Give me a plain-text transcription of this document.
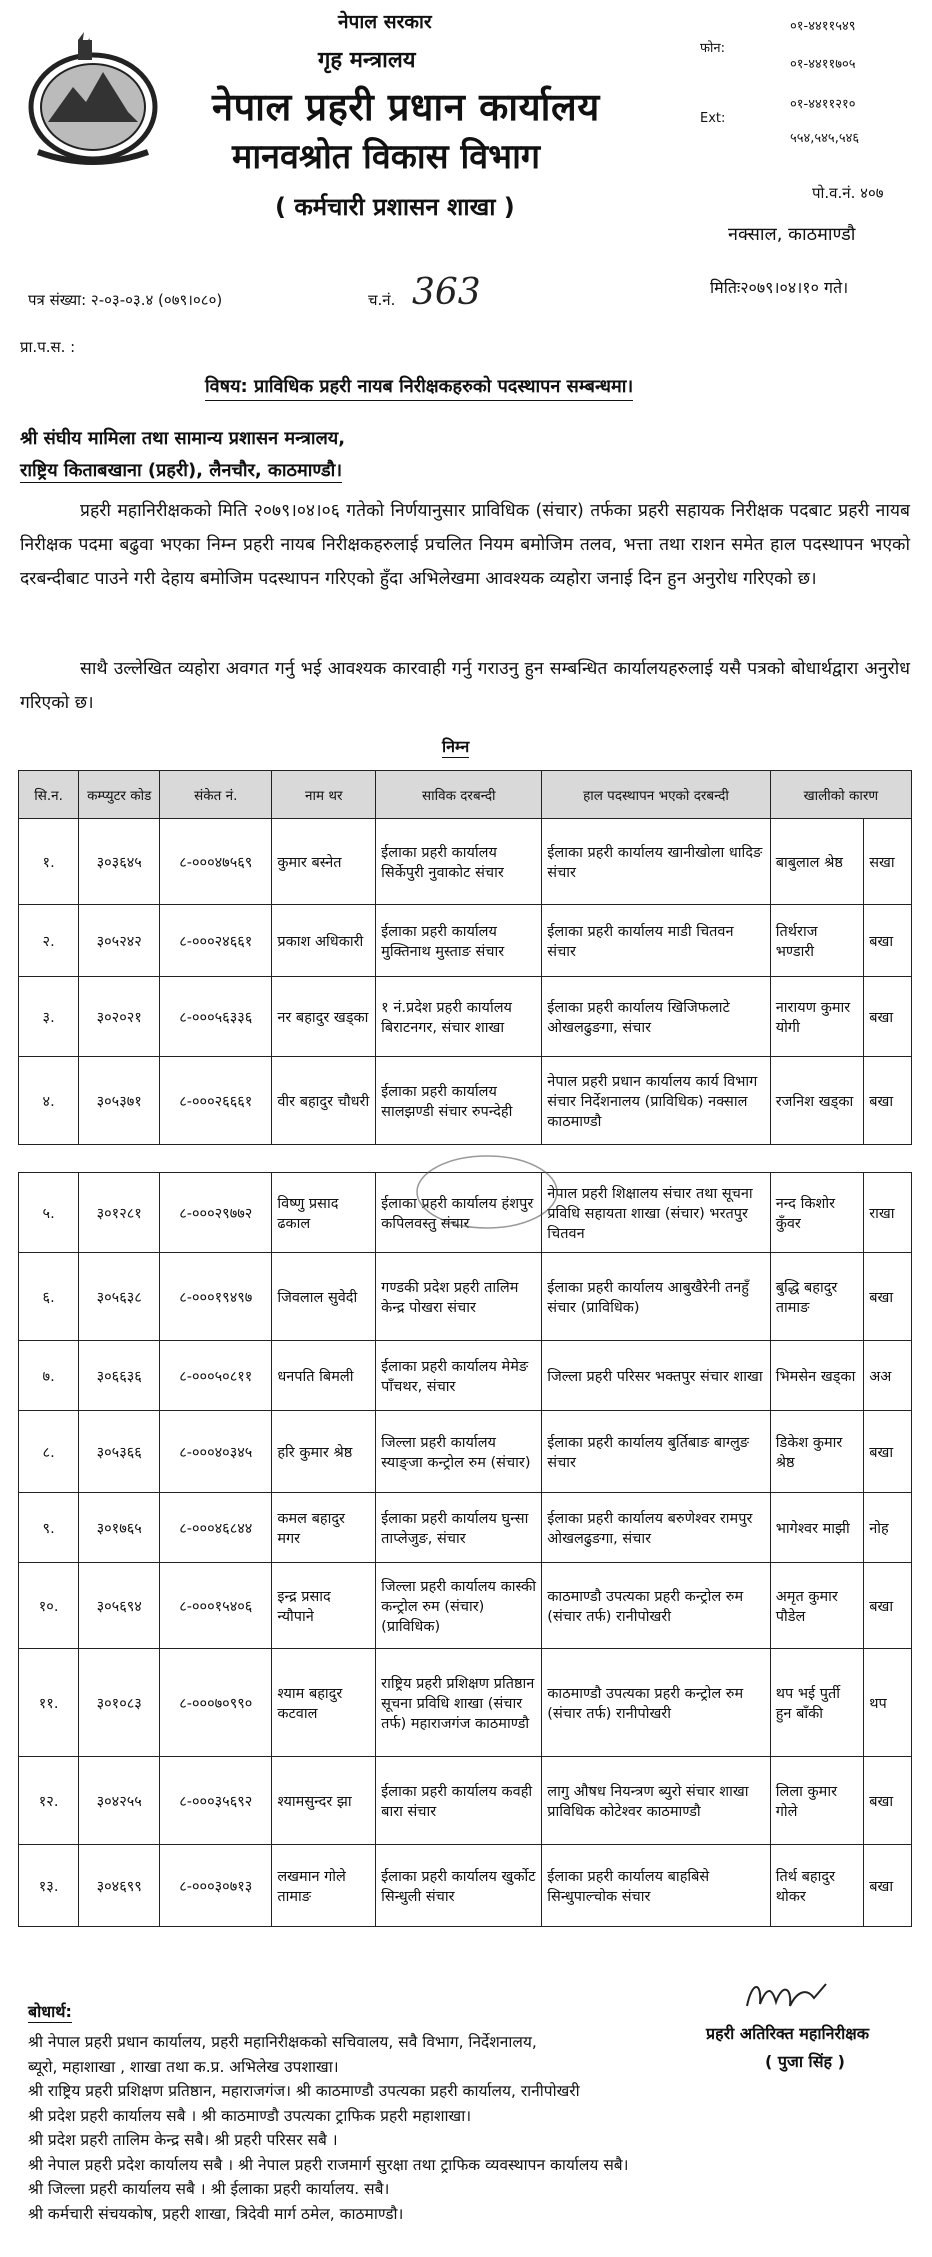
नेपाल सरकार
गृह मन्त्रालय
नेपाल प्रहरी प्रधान कार्यालय
मानवश्रोत विकास विभाग
( कर्मचारी प्रशासन शाखा )
फोन:
०१-४४११५४९
०१-४४११७०५
०१-४४११२१०
Ext:
५५४,५४५,५४६
पो.व.नं. ४०७
नक्साल, काठमाण्डौ
मितिः२०७९।०४।१० गते।
पत्र संख्या: २-०३-०३.४ (०७९।०८०)	च.नं. 363
प्रा.प.स. :
विषय: प्राविधिक प्रहरी नायब निरीक्षकहरुको पदस्थापन सम्बन्धमा।
श्री संघीय मामिला तथा सामान्य प्रशासन मन्त्रालय,
राष्ट्रिय किताबखाना (प्रहरी), लैनचौर, काठमाण्डौ।
प्रहरी महानिरीक्षकको मिति २०७९।०४।०६ गतेको निर्णयानुसार प्राविधिक (संचार) तर्फका प्रहरी सहायक निरीक्षक पदबाट प्रहरी नायब निरीक्षक पदमा बढुवा भएका निम्न प्रहरी नायब निरीक्षकहरुलाई प्रचलित नियम बमोजिम तलव, भत्ता तथा राशन समेत हाल पदस्थापन भएको दरबन्दीबाट पाउने गरी देहाय बमोजिम पदस्थापन गरिएको हुँदा अभिलेखमा आवश्यक व्यहोरा जनाई दिन हुन अनुरोध गरिएको छ।
साथै उल्लेखित व्यहोरा अवगत गर्नु भई आवश्यक कारवाही गर्नु गराउनु हुन सम्बन्धित कार्यालयहरुलाई यसै पत्रको बोधार्थद्वारा अनुरोध गरिएको छ।
निम्न
सि.न.	कम्प्युटर कोड	संकेत नं.	नाम थर	साविक दरबन्दी	हाल पदस्थापन भएको दरबन्दी	खालीको कारण	
१.	३०३६४५	८-०००४७५६९	कुमार बस्नेत	ईलाका प्रहरी कार्यालय सिर्केपुरी नुवाकोट संचार	ईलाका प्रहरी कार्यालय खानीखोला धादिङ संचार	बाबुलाल श्रेष्ठ	सखा
२.	३०५२४२	८-०००२४६६१	प्रकाश अधिकारी	ईलाका प्रहरी कार्यालय मुक्तिनाथ मुस्ताङ संचार	ईलाका प्रहरी कार्यालय माडी चितवन संचार	तिर्थराज भण्डारी	बखा
३.	३०२०२१	८-०००५६३३६	नर बहादुर खड्का	१ नं.प्रदेश प्रहरी कार्यालय बिराटनगर, संचार शाखा	ईलाका प्रहरी कार्यालय खिजिफलाटे ओखलढुङगा, संचार	नारायण कुमार योगी	बखा
४.	३०५३७१	८-०००२६६६१	वीर बहादुर चौधरी	ईलाका प्रहरी कार्यालय सालझण्डी संचार रुपन्देही	नेपाल प्रहरी प्रधान कार्यालय कार्य विभाग संचार निर्देशनालय (प्राविधिक) नक्साल काठमाण्डौ	रजनिश खड्का	बखा
५.	३०१२८१	८-०००२९७७२	विष्णु प्रसाद ढकाल	ईलाका प्रहरी कार्यालय हंशपुर कपिलवस्तु संचार	नेपाल प्रहरी शिक्षालय संचार तथा सूचना प्रविधि सहायता शाखा (संचार) भरतपुर चितवन	नन्द किशोर कुँवर	राखा
६.	३०५६३८	८-०००१९४९७	जिवलाल सुवेदी	गण्डकी प्रदेश प्रहरी तालिम केन्द्र पोखरा संचार	ईलाका प्रहरी कार्यालय आबुखैरेनी तनहुँ संचार (प्राविधिक)	बुद्धि बहादुर तामाङ	बखा
७.	३०६६३६	८-०००५०८११	धनपति बिमली	ईलाका प्रहरी कार्यालय मेमेङ पाँचथर, संचार	जिल्ला प्रहरी परिसर भक्तपुर संचार शाखा	भिमसेन खड्का	अअ
८.	३०५३६६	८-०००४०३४५	हरि कुमार श्रेष्ठ	जिल्ला प्रहरी कार्यालय स्याङ्जा कन्ट्रोल रुम (संचार)	ईलाका प्रहरी कार्यालय बुर्तिबाङ बाग्लुङ संचार	डिकेश कुमार श्रेष्ठ	बखा
९.	३०१७६५	८-०००४६८४४	कमल बहादुर मगर	ईलाका प्रहरी कार्यालय घुन्सा ताप्लेजुङ, संचार	ईलाका प्रहरी कार्यालय बरुणेश्वर रामपुर ओखलढुङगा, संचार	भागेश्वर माझी	नोह
१०.	३०५६९४	८-०००१५४०६	इन्द्र प्रसाद न्यौपाने	जिल्ला प्रहरी कार्यालय कास्की कन्ट्रोल रुम (संचार) (प्राविधिक)	काठमाण्डौ उपत्यका प्रहरी कन्ट्रोल रुम (संचार तर्फ) रानीपोखरी	अमृत कुमार पौडेल	बखा
११.	३०१०८३	८-०००७०९९०	श्याम बहादुर कटवाल	राष्ट्रिय प्रहरी प्रशिक्षण प्रतिष्ठान सूचना प्रविधि शाखा (संचार तर्फ) महाराजगंज काठमाण्डौ	काठमाण्डौ उपत्यका प्रहरी कन्ट्रोल रुम (संचार तर्फ) रानीपोखरी	थप भई पुर्ती हुन बाँकी	थप
१२.	३०४२५५	८-०००३५६९२	श्यामसुन्दर झा	ईलाका प्रहरी कार्यालय कवही बारा संचार	लागु औषध नियन्त्रण ब्युरो संचार शाखा प्राविधिक कोटेश्वर काठमाण्डौ	लिला कुमार गोले	बखा
१३.	३०४६९९	८-०००३०७१३	लखमान गोले तामाङ	ईलाका प्रहरी कार्यालय खुर्कोट सिन्धुली संचार	ईलाका प्रहरी कार्यालय बाहबिसे सिन्धुपाल्चोक संचार	तिर्थ बहादुर थोकर	बखा
प्रहरी अतिरिक्त महानिरीक्षक
( पुजा सिंह )
बोधार्थ:
श्री नेपाल प्रहरी प्रधान कार्यालय, प्रहरी महानिरीक्षकको सचिवालय, सवै विभाग, निर्देशनालय,
ब्यूरो, महाशाखा , शाखा तथा क.प्र. अभिलेख उपशाखा।
श्री राष्ट्रिय प्रहरी प्रशिक्षण प्रतिष्ठान, महाराजगंज। श्री काठमाण्डौ उपत्यका प्रहरी कार्यालय, रानीपोखरी
श्री प्रदेश प्रहरी कार्यालय सबै । श्री काठमाण्डौ उपत्यका ट्राफिक प्रहरी महाशाखा।
श्री प्रदेश प्रहरी तालिम केन्द्र सबै। श्री प्रहरी परिसर सबै ।
श्री नेपाल प्रहरी प्रदेश कार्यालय सबै । श्री नेपाल प्रहरी राजमार्ग सुरक्षा तथा ट्राफिक व्यवस्थापन कार्यालय सबै।
श्री जिल्ला प्रहरी कार्यालय सबै । श्री ईलाका प्रहरी कार्यालय. सबै।
श्री कर्मचारी संचयकोष, प्रहरी शाखा, त्रिदेवी मार्ग ठमेल, काठमाण्डौ।
